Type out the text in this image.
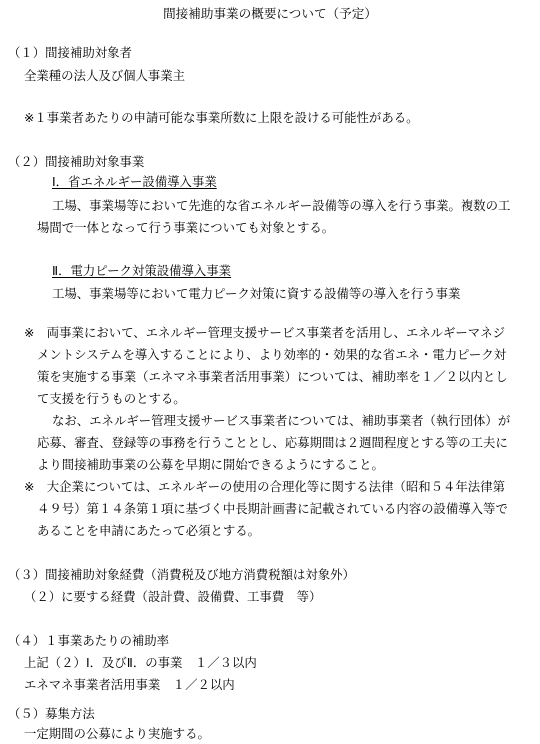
間接補助事業の概要について（予定）
（１）間接補助対象者
全業種の法人及び個人事業主
※１事業者あたりの申請可能な事業所数に上限を設ける可能性がある。
（２）間接補助対象事業
Ⅰ．省エネルギー設備導入事業
工場、事業場等において先進的な省エネルギー設備等の導入を行う事業。複数の工
場間で一体となって行う事業についても対象とする。
Ⅱ．電力ピーク対策設備導入事業
工場、事業場等において電力ピーク対策に資する設備等の導入を行う事業
※　両事業において、エネルギー管理支援サービス事業者を活用し、エネルギーマネジ
メントシステムを導入することにより、より効率的・効果的な省エネ・電力ピーク対
策を実施する事業（エネマネ事業者活用事業）については、補助率を１／２以内とし
て支援を行うものとする。
なお、エネルギー管理支援サービス事業者については、補助事業者（執行団体）が
応募、審査、登録等の事務を行うこととし、応募期間は２週間程度とする等の工夫に
より間接補助事業の公募を早期に開始できるようにすること。
※　大企業については、エネルギーの使用の合理化等に関する法律（昭和５４年法律第
４９号）第１４条第１項に基づく中長期計画書に記載されている内容の設備導入等で
あることを申請にあたって必須とする。
（３）間接補助対象経費（消費税及び地方消費税額は対象外）
（２）に要する経費（設計費、設備費、工事費　等）
（４）１事業あたりの補助率
上記（２）Ⅰ．及びⅡ．の事業　１／３以内
エネマネ事業者活用事業　１／２以内
（５）募集方法
一定期間の公募により実施する。
